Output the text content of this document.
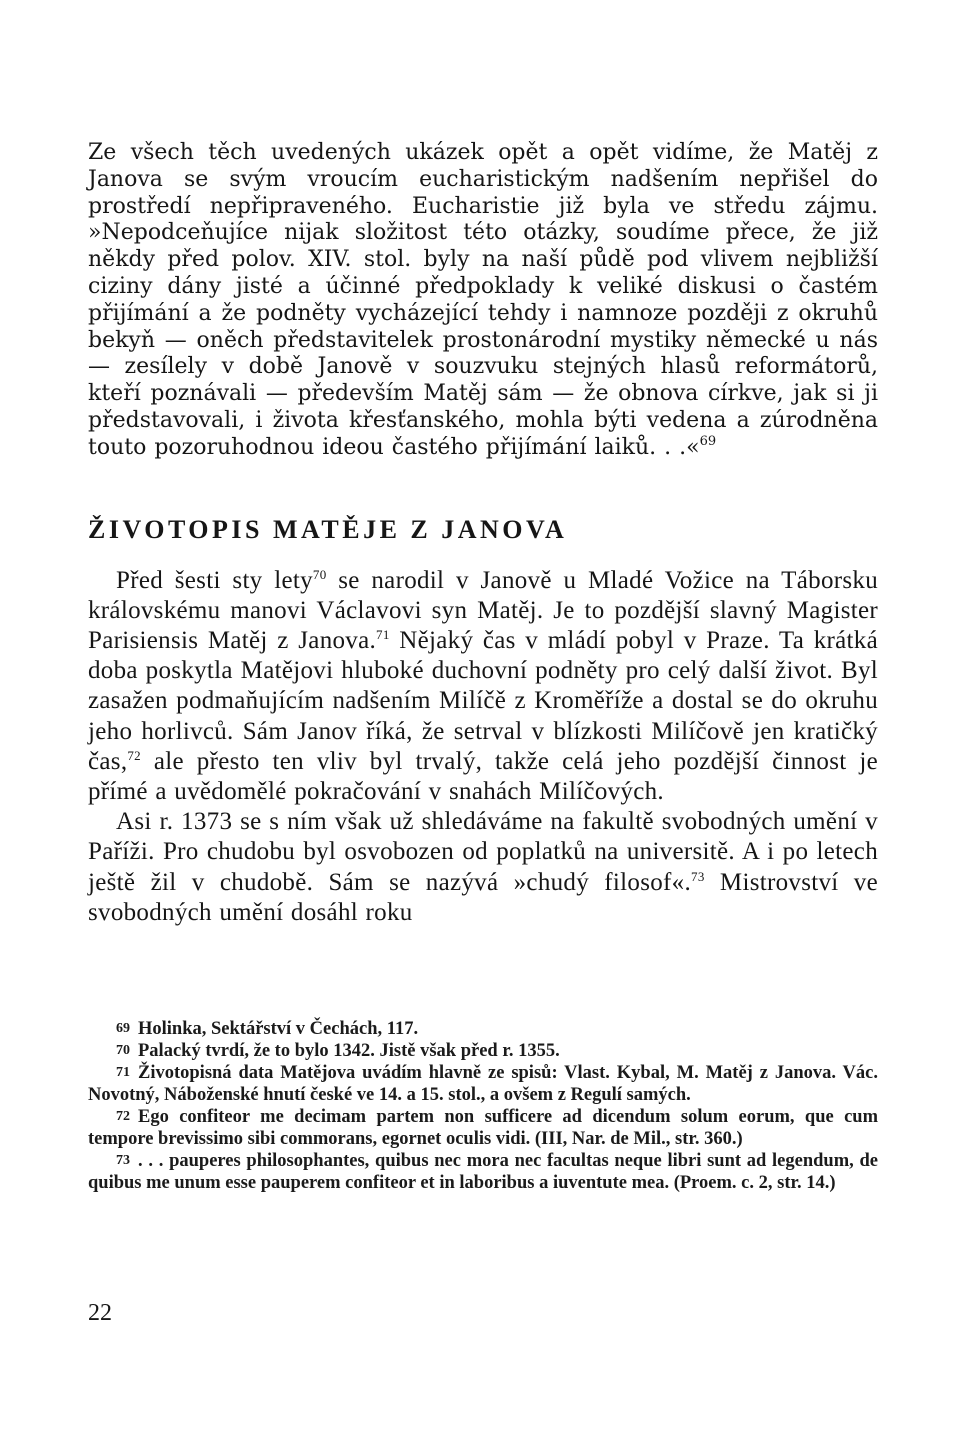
Ze všech těch uvedených ukázek opět a opět vidíme, že Matěj z Janova se svým vroucím eucharistickým nadšením nepřišel do prostředí nepřipraveného. Eucharistie již byla ve středu zájmu. »Nepodceňujíce nijak složitost této otázky, soudíme přece, že již někdy před polov. XIV. stol. byly na naší půdě pod vlivem nejbližší ciziny dány jisté a účinné předpoklady k veliké diskusi o častém přijímání a že podněty vycházející tehdy i namnoze později z okruhů bekyň — oněch představitelek prostonárodní mystiky německé u nás — zesílely v době Janově v souzvuku stejných hlasů reformátorů, kteří poznávali — především Matěj sám — že obnova církve, jak si ji představovali, i života křesťanského, mohla býti vedena a zúrodněna touto pozoruhodnou ideou častého přijímání laiků. . .«$^{69}$

ŽIVOTOPIS MATĚJE Z JANOVA

Před šesti sty lety$^{70}$ se narodil v Janově u Mladé Vožice na Táborsku královskému manovi Václavovi syn Matěj. Je to pozdější slavný Magister Parisiensis Matěj z Janova.$^{71}$ Nějaký čas v mládí pobyl v Praze. Ta krátká doba poskytla Matějovi hluboké duchovní podněty pro celý další život. Byl zasažen podmaňujícím nadšením Milíčě z Kroměříže a dostal se do okruhu jeho horlivců. Sám Janov říká, že setrval v blízkosti Milíčově jen kratičký čas,$^{72}$ ale přesto ten vliv byl trvalý, takže celá jeho pozdější činnost je přímé a uvědomělé pokračování v snahách Milíčových.

Asi r. 1373 se s ním však už shledáváme na fakultě svobodných umění v Paříži. Pro chudobu byl osvobozen od poplatků na universitě. A i po letech ještě žil v chudobě. Sám se nazývá »chudý filosof«.$^{73}$ Mistrovství ve svobodných umění dosáhl roku

69 Holinka, Sektářství v Čechách, 117.

70 Palacký tvrdí, že to bylo 1342. Jistě však před r. 1355.

71 Životopisná data Matějova uvádím hlavně ze spisů: Vlast. Kybal, M. Matěj z Janova. Vác. Novotný, Náboženské hnutí české ve 14. a 15. stol., a ovšem z Regulí samých.

72 Ego confiteor me decimam partem non sufficere ad dicendum solum eorum, que cum tempore brevissimo sibi commorans, egornet oculis vidi. (III, Nar. de Mil., str. 360.)

73 . . . pauperes philosophantes, quibus nec mora nec facultas neque libri sunt ad legendum, de quibus me unum esse pauperem confiteor et in laboribus a iuventute mea. (Proem. c. 2, str. 14.)

22
